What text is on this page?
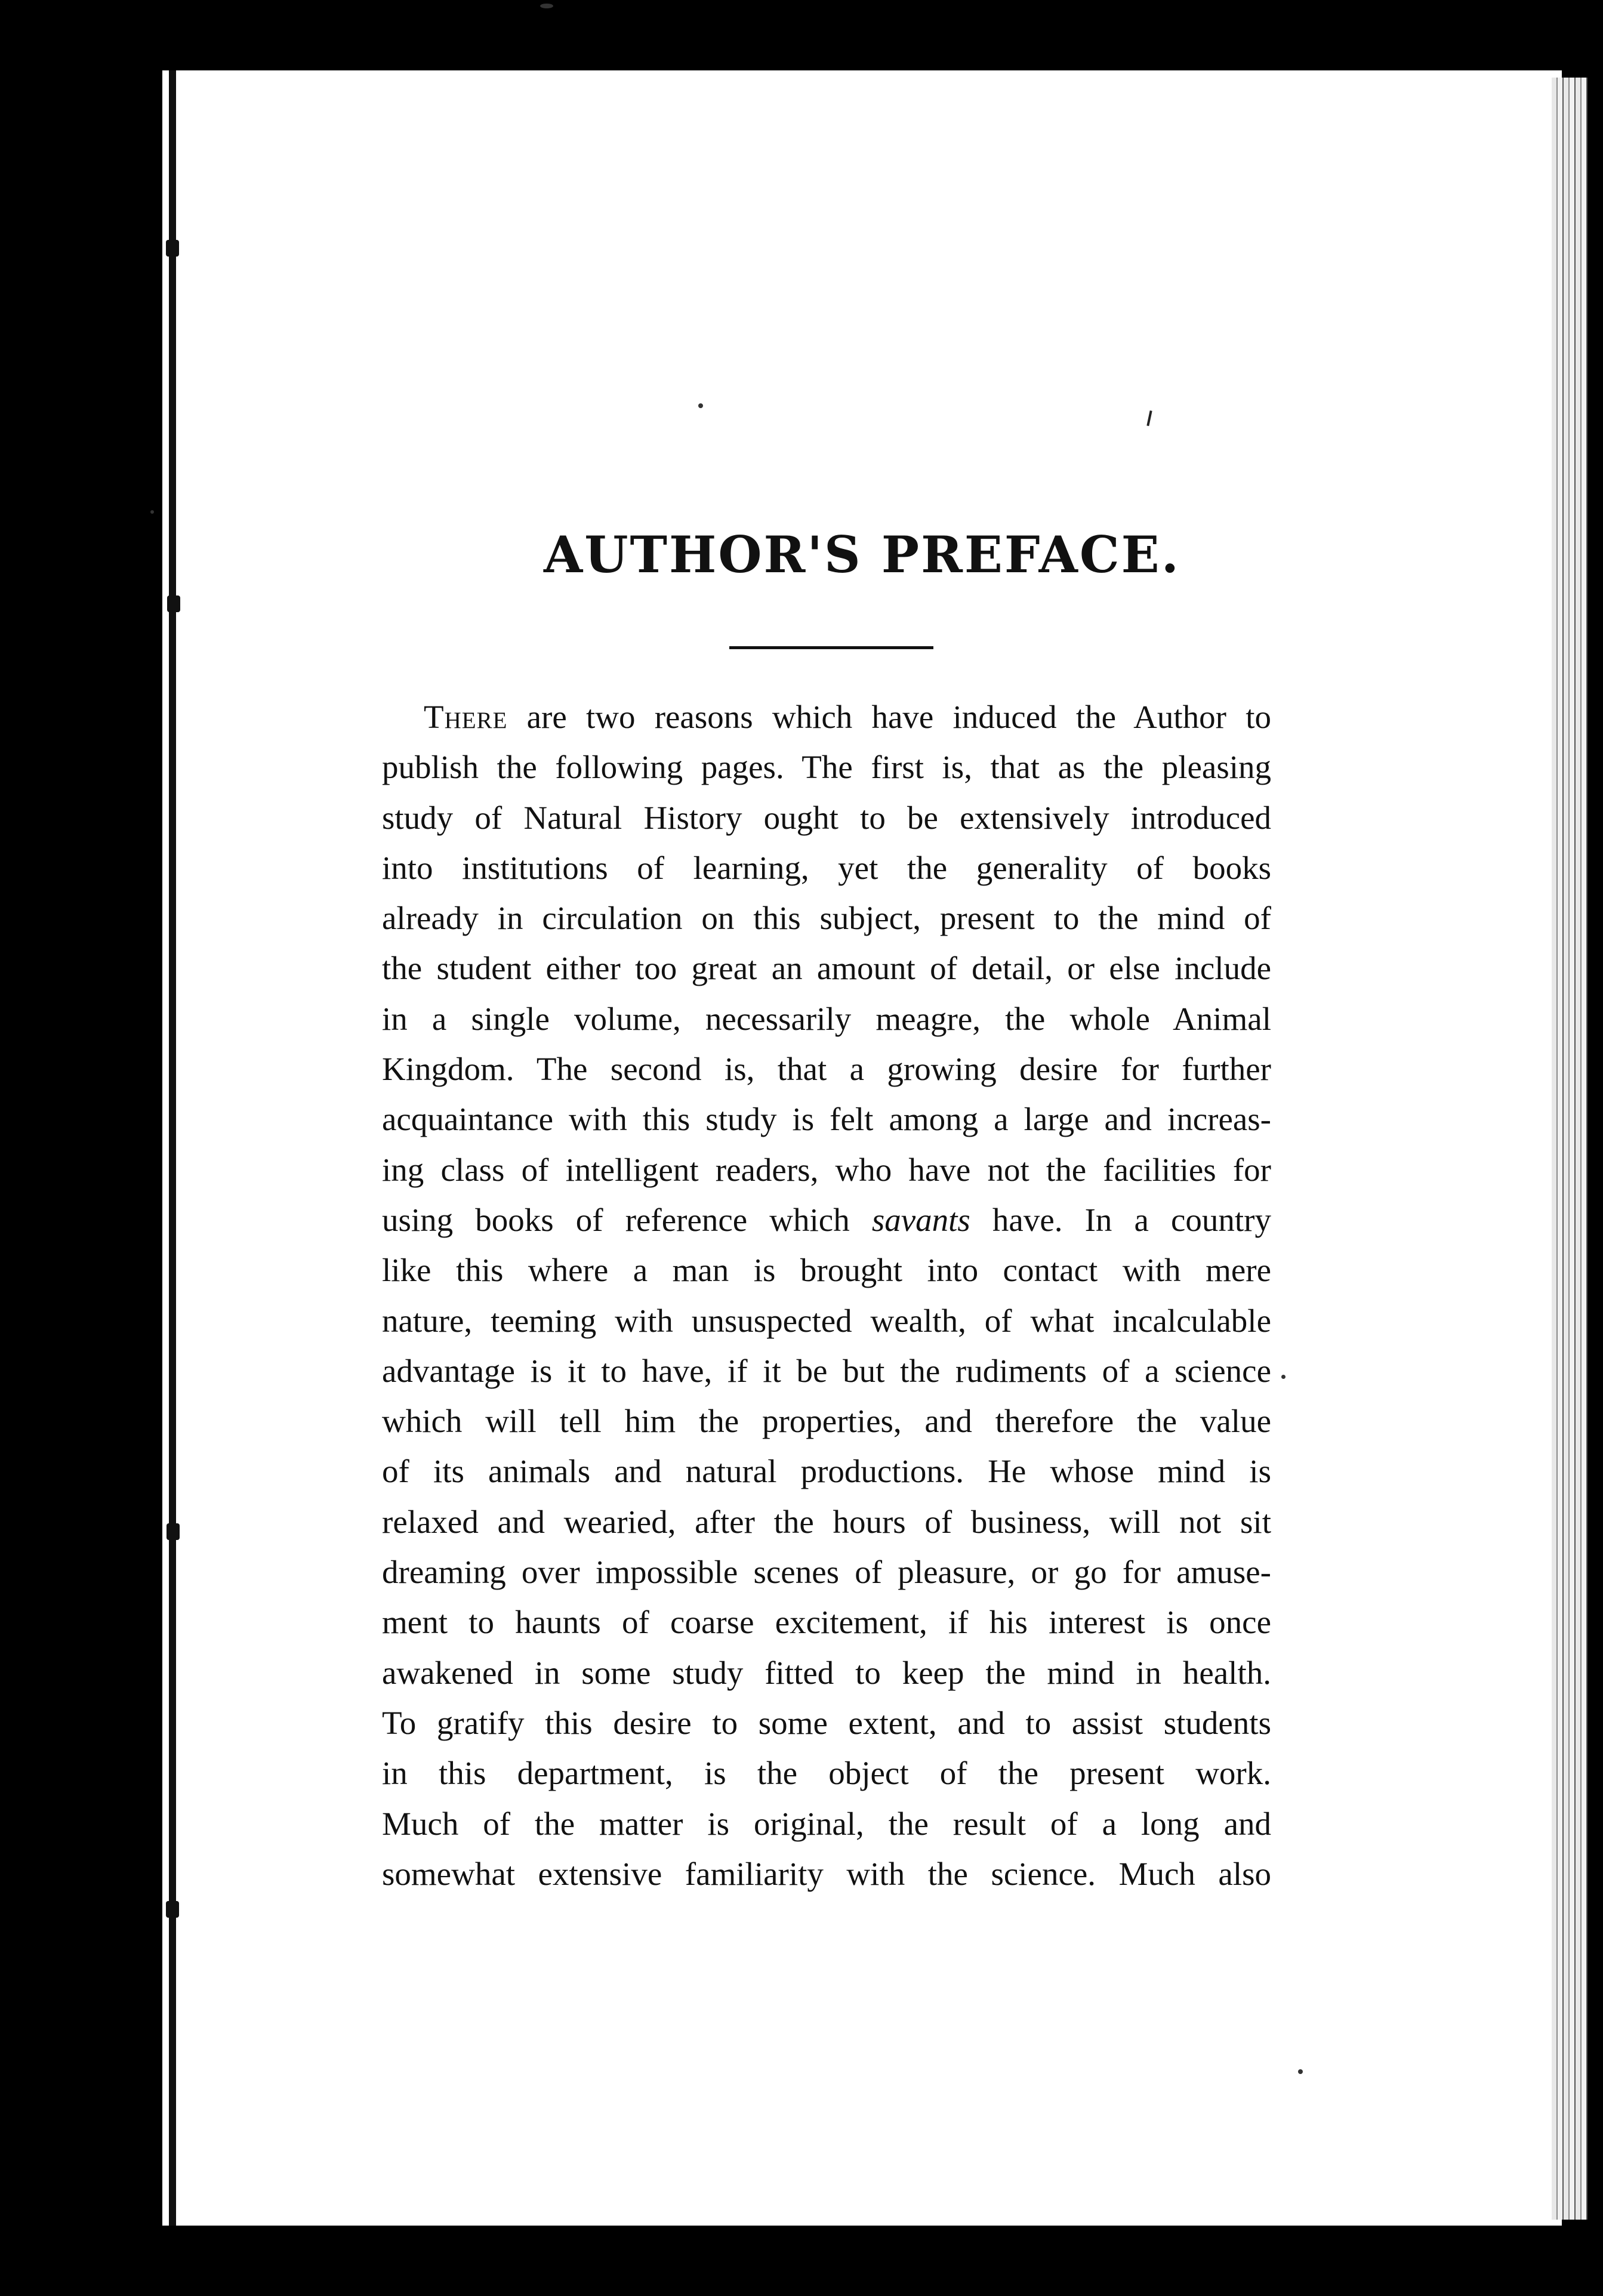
AUTHOR'S PREFACE.
There are two reasons which have induced the Author to
publish the following pages. The first is, that as the pleasing
study of Natural History ought to be extensively introduced
into institutions of learning, yet the generality of books
already in circulation on this subject, present to the mind of
the student either too great an amount of detail, or else include
in a single volume, necessarily meagre, the whole Animal
Kingdom. The second is, that a growing desire for further
acquaintance with this study is felt among a large and increas-
ing class of intelligent readers, who have not the facilities for
using books of reference which savants have. In a country
like this where a man is brought into contact with mere
nature, teeming with unsuspected wealth, of what incalculable
advantage is it to have, if it be but the rudiments of a science
which will tell him the properties, and therefore the value
of its animals and natural productions. He whose mind is
relaxed and wearied, after the hours of business, will not sit
dreaming over impossible scenes of pleasure, or go for amuse-
ment to haunts of coarse excitement, if his interest is once
awakened in some study fitted to keep the mind in health.
To gratify this desire to some extent, and to assist students
in this department, is the object of the present work.
Much of the matter is original, the result of a long and
somewhat extensive familiarity with the science. Much also
